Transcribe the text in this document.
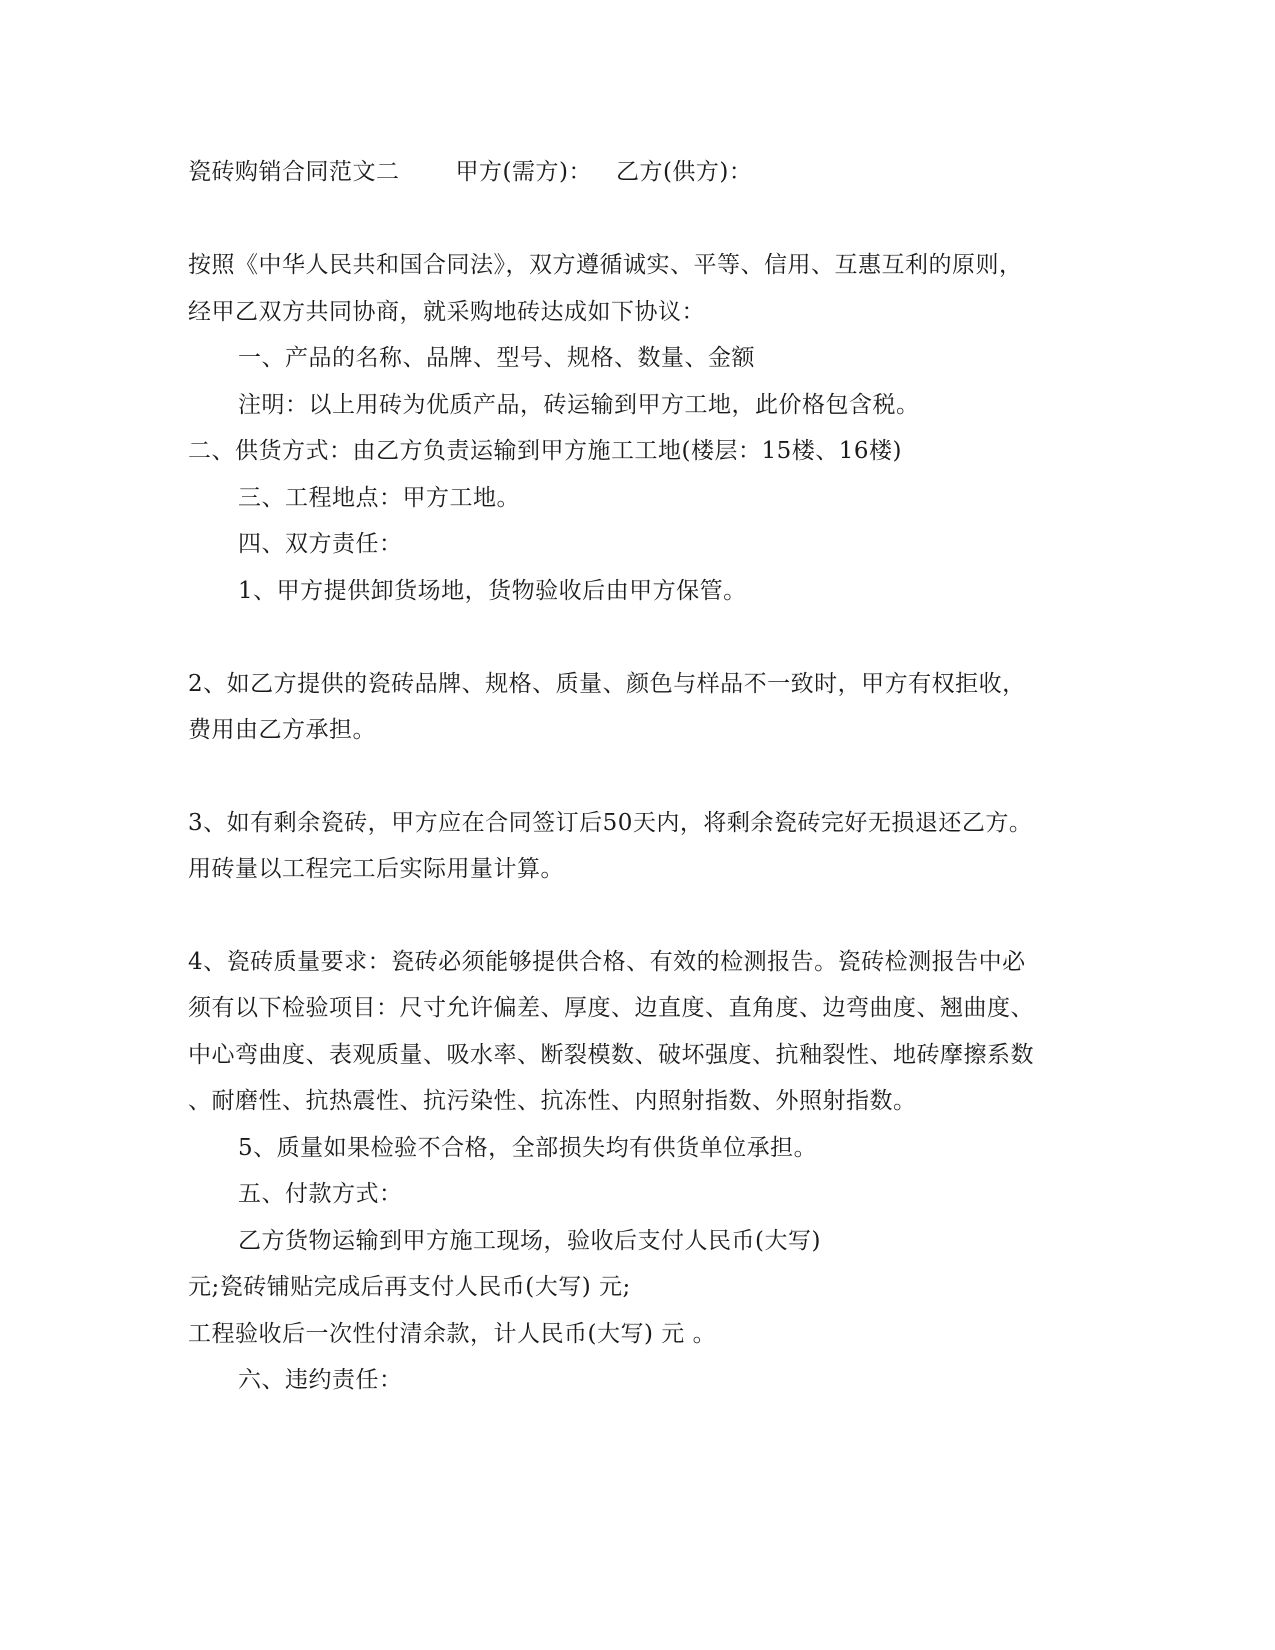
瓷砖购销合同范文二 甲方(需方)： 乙方(供方)：
按照《中华人民共和国合同法》，双方遵循诚实、平等、信用、互惠互利的原则，
经甲乙双方共同协商，就采购地砖达成如下协议：
一、产品的名称、品牌、型号、规格、数量、金额
注明：以上用砖为优质产品，砖运输到甲方工地，此价格包含税。
二、供货方式：由乙方负责运输到甲方施工工地(楼层：15楼、16楼)
三、工程地点：甲方工地。
四、双方责任：
1、甲方提供卸货场地，货物验收后由甲方保管。
2、如乙方提供的瓷砖品牌、规格、质量、颜色与样品不一致时，甲方有权拒收，
费用由乙方承担。
3、如有剩余瓷砖，甲方应在合同签订后50天内，将剩余瓷砖完好无损退还乙方。
用砖量以工程完工后实际用量计算。
4、瓷砖质量要求：瓷砖必须能够提供合格、有效的检测报告。瓷砖检测报告中必
须有以下检验项目：尺寸允许偏差、厚度、边直度、直角度、边弯曲度、翘曲度、
中心弯曲度、表观质量、吸水率、断裂模数、破坏强度、抗釉裂性、地砖摩擦系数
、耐磨性、抗热震性、抗污染性、抗冻性、内照射指数、外照射指数。
5、质量如果检验不合格，全部损失均有供货单位承担。
五、付款方式：
乙方货物运输到甲方施工现场，验收后支付人民币(大写)
元;瓷砖铺贴完成后再支付人民币(大写) 元;
工程验收后一次性付清余款，计人民币(大写) 元 。
六、违约责任：
